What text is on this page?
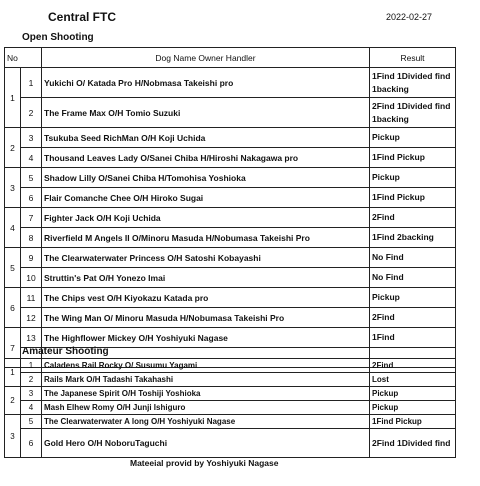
Central FTC	2022-02-27
Open Shooting
No		Dog Name Owner Handler	Result
1	1	Yukichi O/ Katada Pro H/Nobmasa Takeishi pro	1Find 1Divided find 1backing
	2	The Frame Max O/H Tomio Suzuki	2Find 1Divided find 1backing
2	3	Tsukuba Seed RichMan O/H Koji Uchida	Pickup
	4	Thousand Leaves Lady O/Sanei Chiba H/Hiroshi Nakagawa pro	1Find Pickup
3	5	Shadow Lilly O/Sanei Chiba H/Tomohisa Yoshioka	Pickup
	6	Flair Comanche Chee O/H Hiroko Sugai	1Find Pickup
4	7	Fighter Jack O/H Koji Uchida	2Find
	8	Riverfield M Angels II O/Minoru Masuda H/Nobumasa Takeishi Pro	1Find 2backing
5	9	The Clearwaterwater Princess O/H Satoshi Kobayashi	No Find
	10	Struttin's Pat O/H Yonezo Imai	No Find
6	11	The Chips vest O/H Kiyokazu Katada pro	Pickup
	12	The Wing Man O/ Minoru Masuda H/Nobumasa Takeishi Pro	2Find
7	13	The Highflower Mickey O/H Yoshiyuki Nagase	1Find

Amateur Shooting
1	1	Caladens Rail Rocky O/ Susumu Yagami	2Find
	2	Rails Mark O/H Tadashi Takahashi	Lost
2	3	The Japanese Spirit O/H Toshiji Yoshioka	Pickup
	4	Mash Elhew Romy O/H Junji Ishiguro	Pickup
3	5	The Clearwaterwater A long O/H Yoshiyuki Nagase	1Find Pickup
	6	Gold Hero O/H NoboruTaguchi	2Find 1Divided find
Mateeial provid by Yoshiyuki Nagase
